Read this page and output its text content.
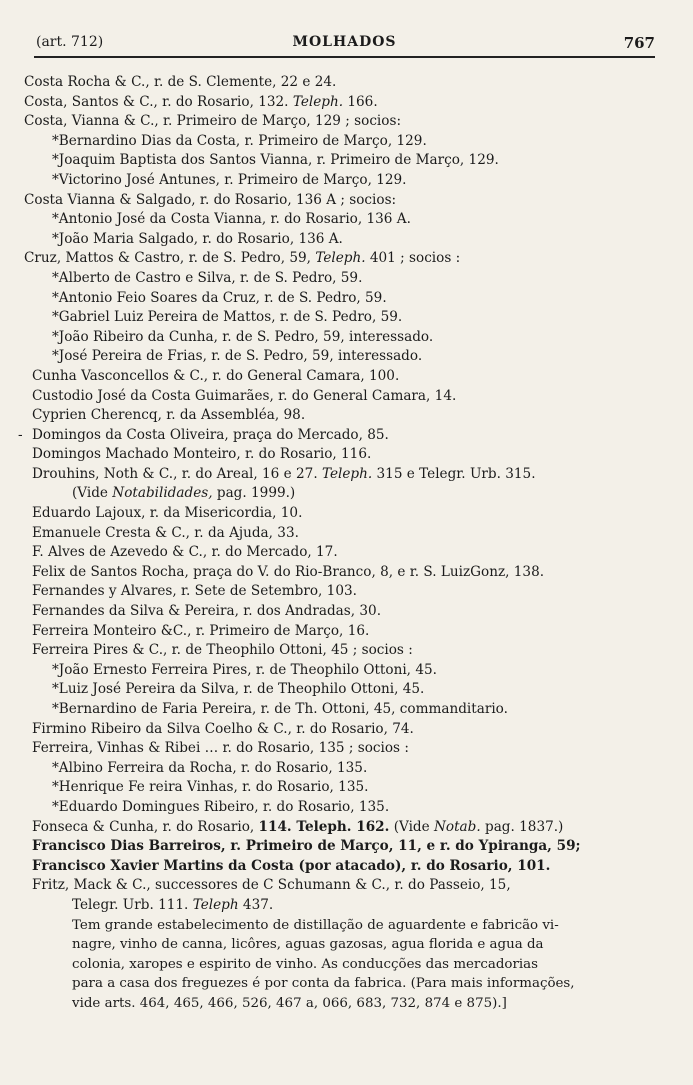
(art. 712)	MOLHADOS	767
Costa Rocha & C., r. de S. Clemente, 22 e 24.
Costa, Santos & C., r. do Rosario, 132. Teleph. 166.
Costa, Vianna & C., r. Primeiro de Março, 129 ; socios:
*Bernardino Dias da Costa, r. Primeiro de Março, 129.
*Joaquim Baptista dos Santos Vianna, r. Primeiro de Março, 129.
*Victorino José Antunes, r. Primeiro de Março, 129.
Costa Vianna & Salgado, r. do Rosario, 136 A ; socios:
*Antonio José da Costa Vianna, r. do Rosario, 136 A.
*João Maria Salgado, r. do Rosario, 136 A.
Cruz, Mattos & Castro, r. de S. Pedro, 59, Teleph. 401 ; socios :
*Alberto de Castro e Silva, r. de S. Pedro, 59.
*Antonio Feio Soares da Cruz, r. de S. Pedro, 59.
*Gabriel Luiz Pereira de Mattos, r. de S. Pedro, 59.
*João Ribeiro da Cunha, r. de S. Pedro, 59, interessado.
*José Pereira de Frias, r. de S. Pedro, 59, interessado.
Cunha Vasconcellos & C., r. do General Camara, 100.
Custodio José da Costa Guimarães, r. do General Camara, 14.
Cyprien Cherencq, r. da Assembléa, 98.
- Domingos da Costa Oliveira, praça do Mercado, 85.
Domingos Machado Monteiro, r. do Rosario, 116.
Drouhins, Noth & C., r. do Areal, 16 e 27. Teleph. 315 e Telegr. Urb. 315.
(Vide Notabilidades, pag. 1999.)
Eduardo Lajoux, r. da Misericordia, 10.
Emanuele Cresta & C., r. da Ajuda, 33.
F. Alves de Azevedo & C., r. do Mercado, 17.
Felix de Santos Rocha, praça do V. do Rio-Branco, 8, e r. S. LuizGonz, 138.
Fernandes y Alvares, r. Sete de Setembro, 103.
Fernandes da Silva & Pereira, r. dos Andradas, 30.
Ferreira Monteiro &C., r. Primeiro de Março, 16.
Ferreira Pires & C., r. de Theophilo Ottoni, 45 ; socios :
*João Ernesto Ferreira Pires, r. de Theophilo Ottoni, 45.
*Luiz José Pereira da Silva, r. de Theophilo Ottoni, 45.
*Bernardino de Faria Pereira, r. de Th. Ottoni, 45, commanditario.
Firmino Ribeiro da Silva Coelho & C., r. do Rosario, 74.
Ferreira, Vinhas & Ribei … r. do Rosario, 135 ; socios :
*Albino Ferreira da Rocha, r. do Rosario, 135.
*Henrique Fe reira Vinhas, r. do Rosario, 135.
*Eduardo Domingues Ribeiro, r. do Rosario, 135.
Fonseca & Cunha, r. do Rosario, 114. Teleph. 162. (Vide Notab. pag. 1837.)
Francisco Dias Barreiros, r. Primeiro de Março, 11, e r. do Ypiranga, 59;
Francisco Xavier Martins da Costa (por atacado), r. do Rosario, 101.
Fritz, Mack & C., successores de C Schumann & C., r. do Passeio, 15,
Telegr. Urb. 111. Teleph 437.
Tem grande estabelecimento de distillação de aguardente e fabricão vi-
nagre, vinho de canna, licôres, aguas gazosas, agua florida e agua da
colonia, xaropes e espirito de vinho. As conducções das mercadorias
para a casa dos freguezes é por conta da fabrica. (Para mais informações,
vide arts. 464, 465, 466, 526, 467 a, 066, 683, 732, 874 e 875).]
